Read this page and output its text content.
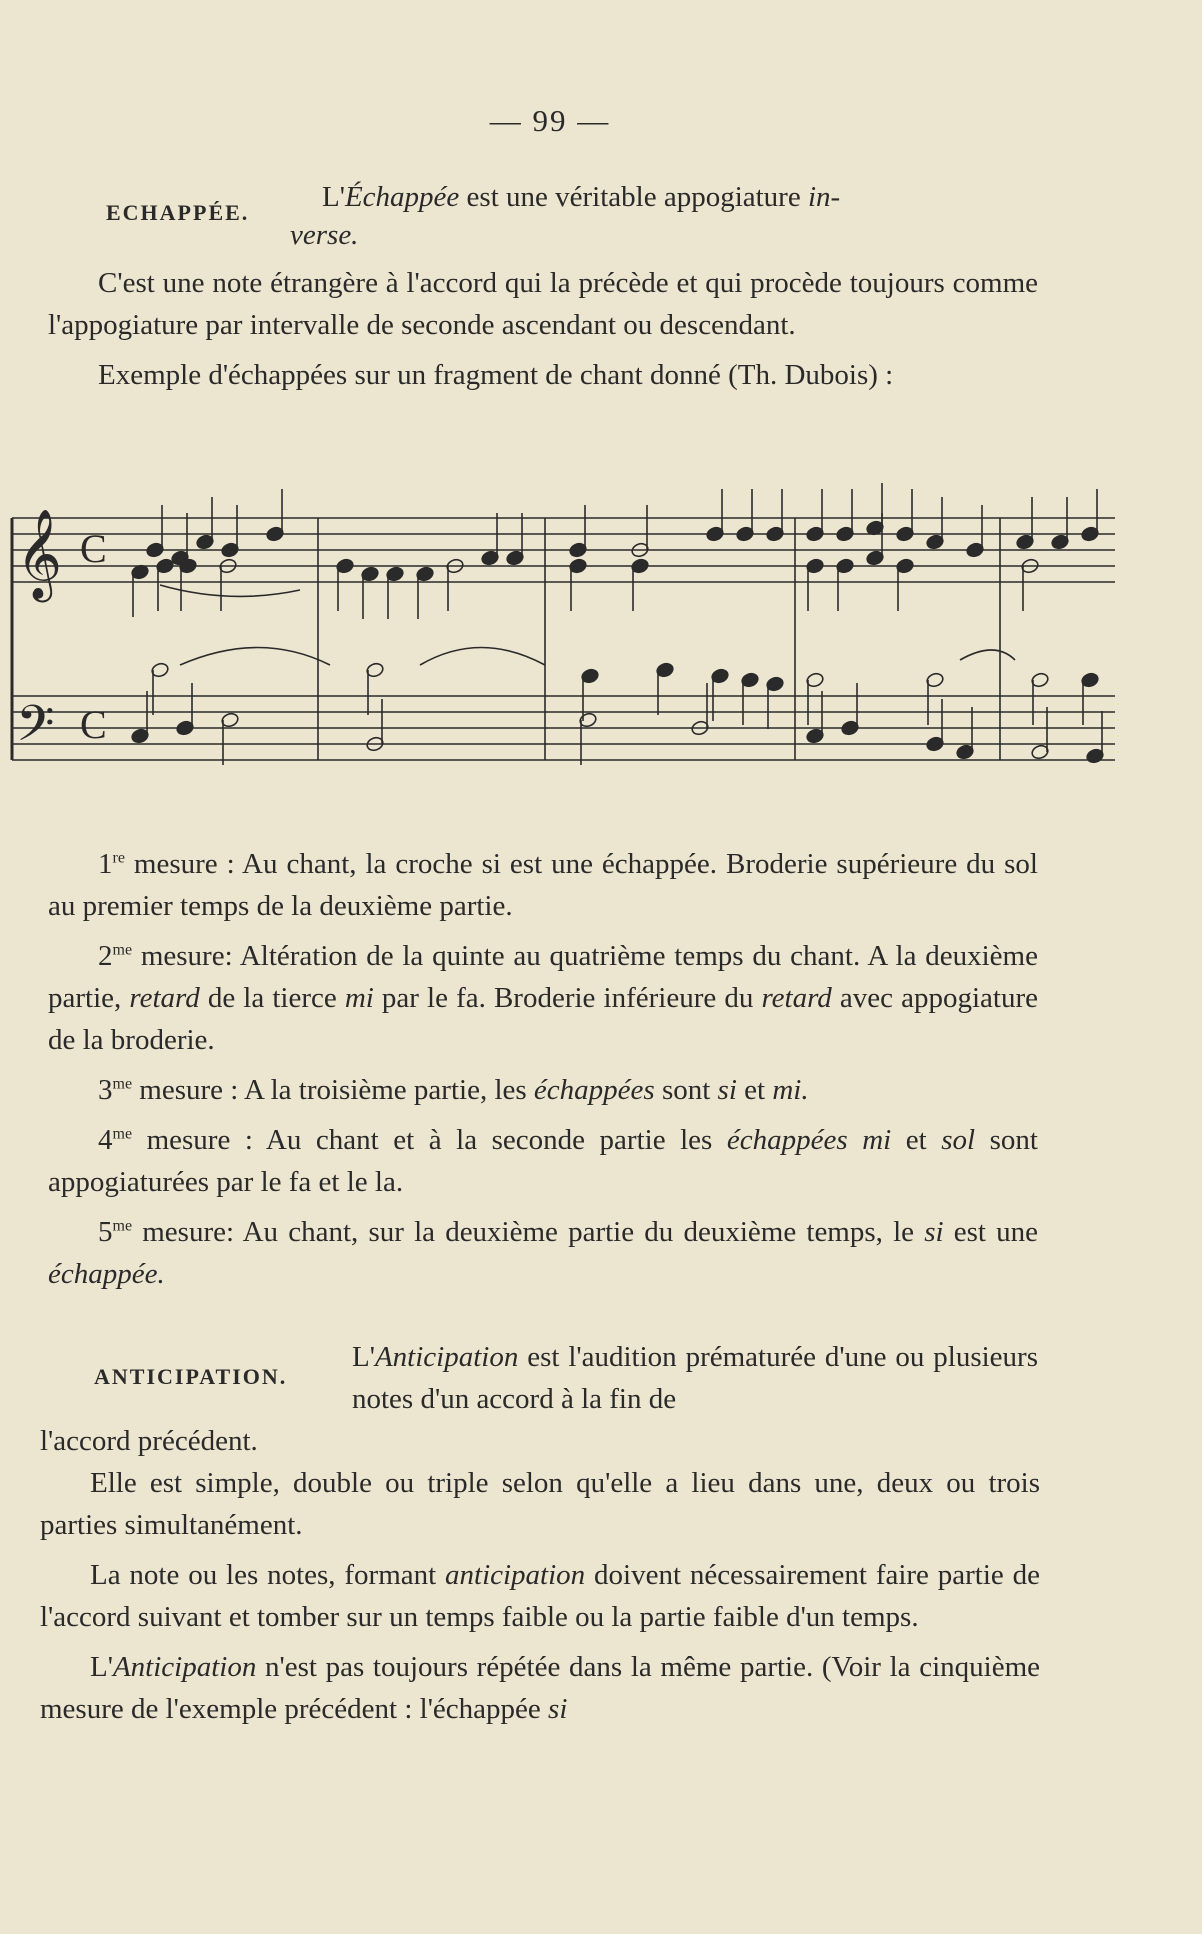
— 99 —
ECHAPPÉE.	L'Échappée est une véritable appogiature in-
verse.

C'est une note étrangère à l'accord qui la précède et qui procède toujours comme l'appogiature par intervalle de seconde ascendant ou descendant.

Exemple d'échappées sur un fragment de chant donné (Th. Dubois) :

𝄞
𝄢
C
C

1re mesure : Au chant, la croche si est une échappée. Broderie supérieure du sol au premier temps de la deuxième partie.

$2^{me}$ mesure: Altération de la quinte au quatrième temps du chant. A la deuxième partie, retard de la tierce mi par le fa. Broderie inférieure du retard avec appogiature de la broderie.

$3^{me}$ mesure : A la troisième partie, les échappées sont si et mi.

$4^{me}$ mesure : Au chant et à la seconde partie les échappées mi et sol sont appogiaturées par le fa et le la.

$5^{me}$ mesure: Au chant, sur la deuxième partie du deuxième temps, le si est une échappée.

ANTICIPATION.
L'Anticipation est l'audition prématurée d'une ou plusieurs notes d'un accord à la fin de
l'accord précédent.

Elle est simple, double ou triple selon qu'elle a lieu dans une, deux ou trois parties simultanément.

La note ou les notes, formant anticipation doivent nécessairement faire partie de l'accord suivant et tomber sur un temps faible ou la partie faible d'un temps.

L'Anticipation n'est pas toujours répétée dans la même partie. (Voir la cinquième mesure de l'exemple précédent : l'échappée si
